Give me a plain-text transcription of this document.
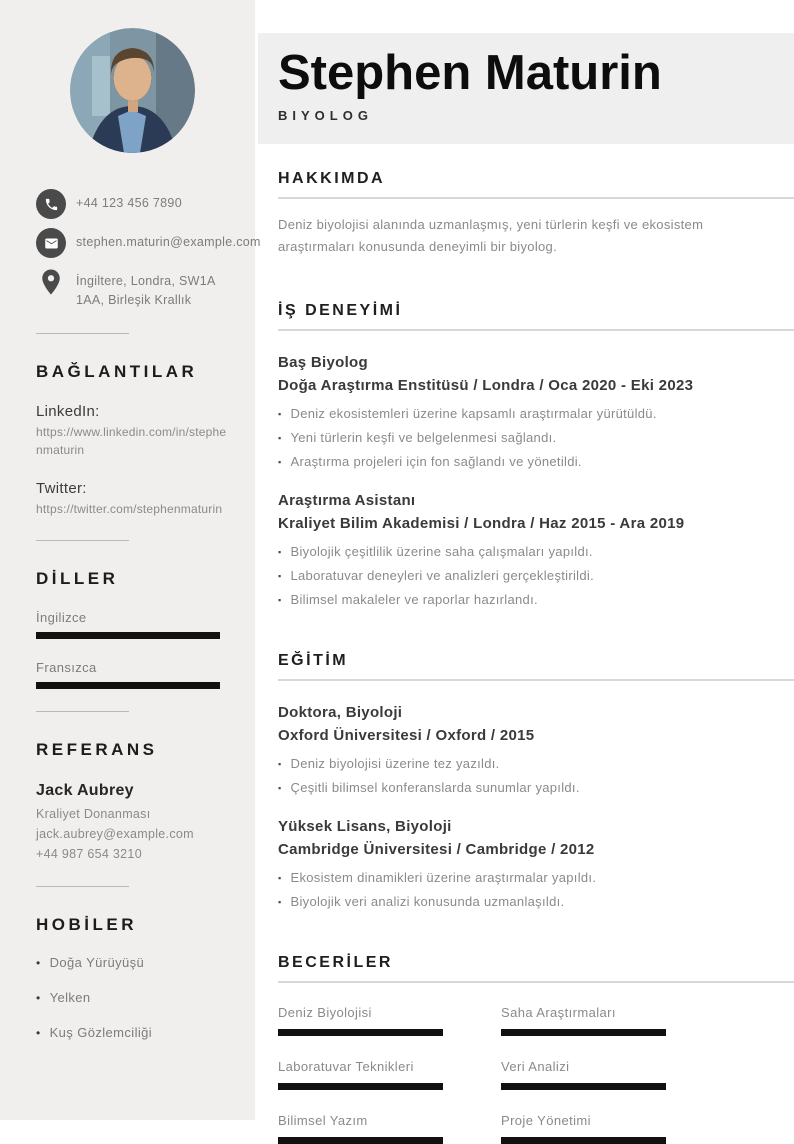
+44 123 456 7890
stephen.maturin@example.com
İngiltere, Londra, SW1A 1AA, Birleşik Krallık
BAĞLANTILAR
LinkedIn:
https://www.linkedin.com/in/stephenmaturin
Twitter:
https://twitter.com/stephenmaturin
DİLLER
İngilizce
Fransızca
REFERANS
Jack Aubrey
Kraliyet Donanması
jack.aubrey@example.com
+44 987 654 3210
HOBİLER
• Doğa Yürüyüşü
• Yelken
• Kuş Gözlemciliği
Stephen Maturin
BIYOLOG
HAKKIMDA

Deniz biyolojisi alanında uzmanlaşmış, yeni türlerin keşfi ve ekosistem araştırmaları konusunda deneyimli bir biyolog.

İŞ DENEYİMİ
Baş Biyolog
Doğa Araştırma Enstitüsü / Londra / Oca 2020 - Eki 2023
▪ Deniz ekosistemleri üzerine kapsamlı araştırmalar yürütüldü.
▪ Yeni türlerin keşfi ve belgelenmesi sağlandı.
▪ Araştırma projeleri için fon sağlandı ve yönetildi.
Araştırma Asistanı
Kraliyet Bilim Akademisi / Londra / Haz 2015 - Ara 2019
▪ Biyolojik çeşitlilik üzerine saha çalışmaları yapıldı.
▪ Laboratuvar deneyleri ve analizleri gerçekleştirildi.
▪ Bilimsel makaleler ve raporlar hazırlandı.
EĞİTİM
Doktora, Biyoloji
Oxford Üniversitesi / Oxford / 2015
▪ Deniz biyolojisi üzerine tez yazıldı.
▪ Çeşitli bilimsel konferanslarda sunumlar yapıldı.
Yüksek Lisans, Biyoloji
Cambridge Üniversitesi / Cambridge / 2012
▪ Ekosistem dinamikleri üzerine araştırmalar yapıldı.
▪ Biyolojik veri analizi konusunda uzmanlaşıldı.
BECERİLER
Deniz Biyolojisi	Saha Araştırmaları
Laboratuvar Teknikleri	Veri Analizi
Bilimsel Yazım	Proje Yönetimi
